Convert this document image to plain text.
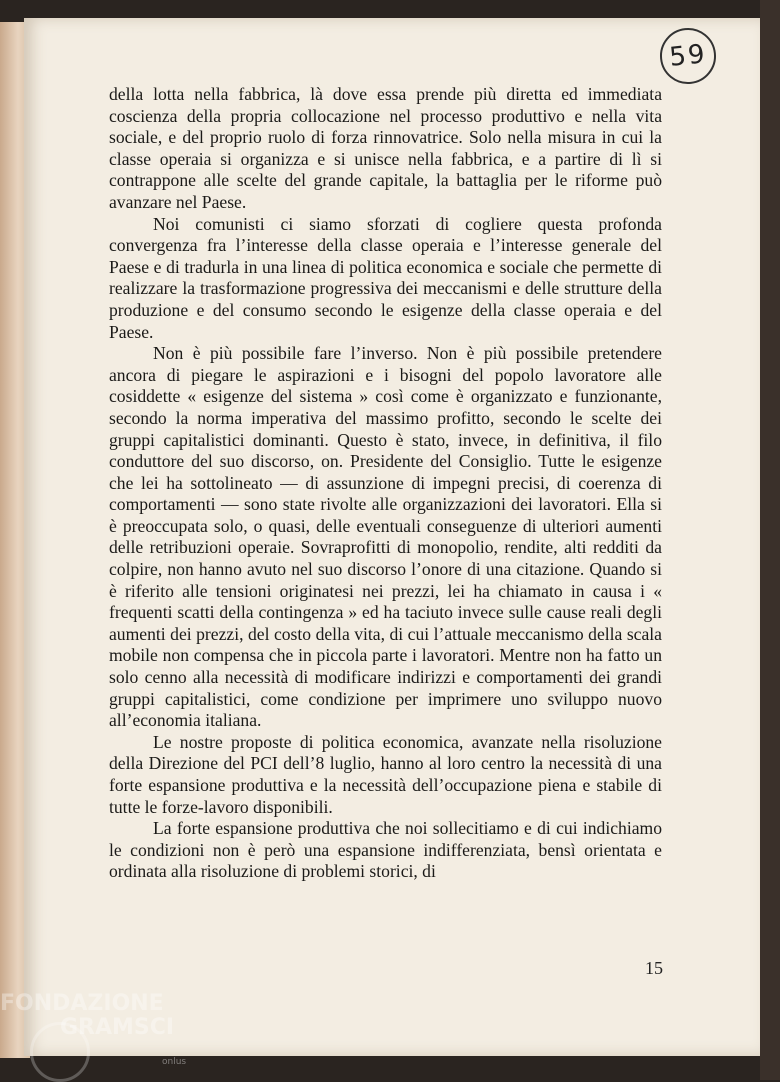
59

della lotta nella fabbrica, là dove essa prende più diretta ed immediata coscienza della propria collocazione nel processo produttivo e nella vita sociale, e del proprio ruolo di forza rinnovatrice. Solo nella misura in cui la classe operaia si organizza e si unisce nella fabbrica, e a partire di lì si contrappone alle scelte del grande capitale, la battaglia per le riforme può avanzare nel Paese.

Noi comunisti ci siamo sforzati di cogliere questa profonda convergenza fra l’interesse della classe operaia e l’interesse generale del Paese e di tradurla in una linea di politica economica e sociale che permette di realizzare la trasformazione progressiva dei meccanismi e delle strutture della produzione e del consumo secondo le esigenze della classe operaia e del Paese.

Non è più possibile fare l’inverso. Non è più possibile pretendere ancora di piegare le aspirazioni e i bisogni del popolo lavoratore alle cosiddette « esigenze del sistema » così come è organizzato e funzionante, secondo la norma imperativa del massimo profitto, secondo le scelte dei gruppi capitalistici dominanti. Questo è stato, invece, in definitiva, il filo conduttore del suo discorso, on. Presidente del Consiglio. Tutte le esigenze che lei ha sottolineato — di assunzione di impegni precisi, di coerenza di comportamenti — sono state rivolte alle organizzazioni dei lavoratori. Ella si è preoccupata solo, o quasi, delle eventuali conseguenze di ulteriori aumenti delle retribuzioni operaie. Sovraprofitti di monopolio, rendite, alti redditi da colpire, non hanno avuto nel suo discorso l’onore di una citazione. Quando si è riferito alle tensioni originatesi nei prezzi, lei ha chiamato in causa i « frequenti scatti della contingenza » ed ha taciuto invece sulle cause reali degli aumenti dei prezzi, del costo della vita, di cui l’attuale meccanismo della scala mobile non compensa che in piccola parte i lavoratori. Mentre non ha fatto un solo cenno alla necessità di modificare indirizzi e comportamenti dei grandi gruppi capitalistici, come condizione per imprimere uno sviluppo nuovo all’economia italiana.

Le nostre proposte di politica economica, avanzate nella risoluzione della Direzione del PCI dell’8 luglio, hanno al loro centro la necessità di una forte espansione produttiva e la necessità dell’occupazione piena e stabile di tutte le forze-lavoro disponibili.

La forte espansione produttiva che noi sollecitiamo e di cui indichiamo le condizioni non è però una espansione indifferenziata, bensì orientata e ordinata alla risoluzione di problemi storici, di

15
FONDAZIONE
GRAMSCI
onlus
